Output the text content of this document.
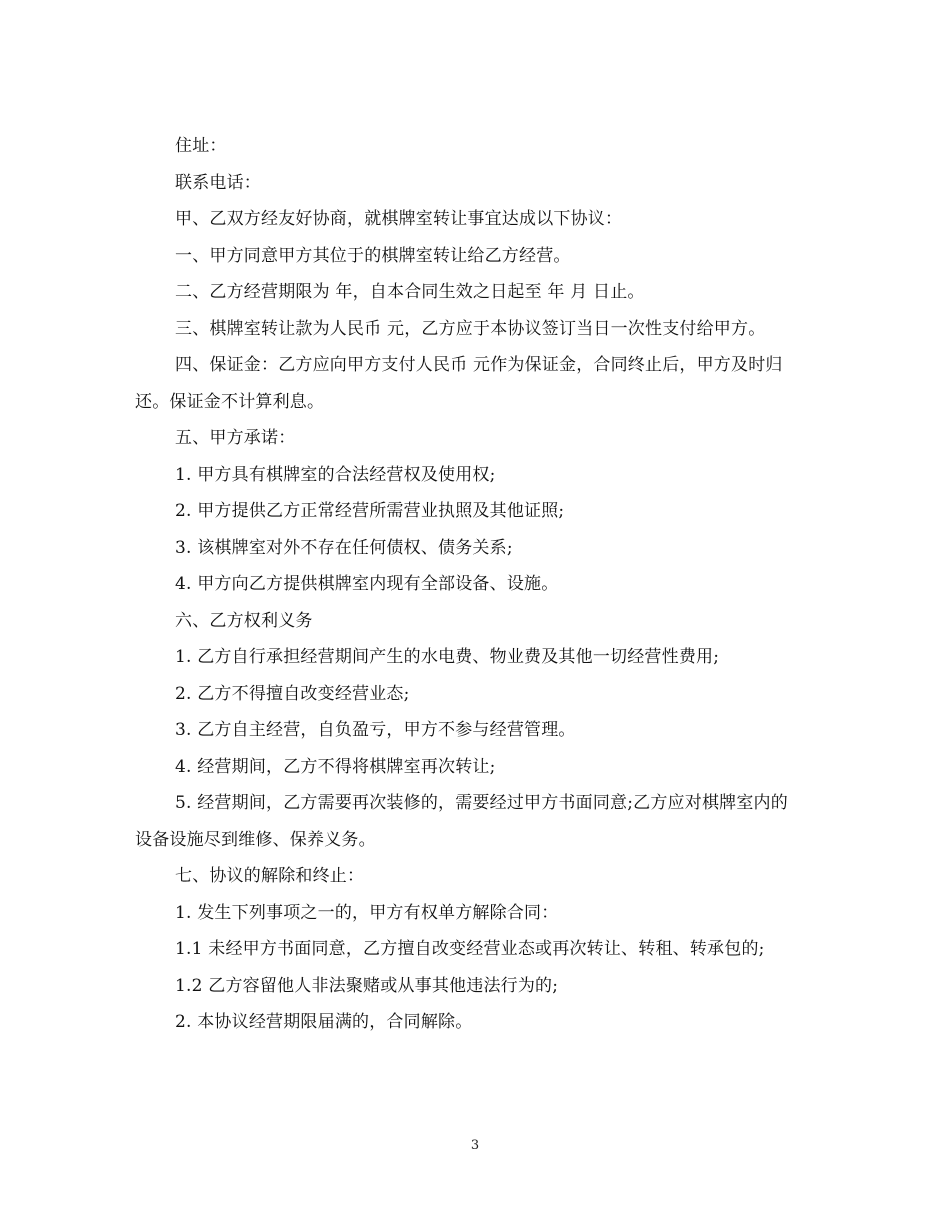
住址：

联系电话：

甲、乙双方经友好协商，就棋牌室转让事宜达成以下协议：

一、甲方同意甲方其位于的棋牌室转让给乙方经营。

二、乙方经营期限为 年，自本合同生效之日起至 年 月 日止。

三、棋牌室转让款为人民币 元，乙方应于本协议签订当日一次性支付给甲方。

四、保证金：乙方应向甲方支付人民币 元作为保证金，合同终止后，甲方及时归还。保证金不计算利息。

五、甲方承诺：

1. 甲方具有棋牌室的合法经营权及使用权;

2. 甲方提供乙方正常经营所需营业执照及其他证照;

3. 该棋牌室对外不存在任何债权、债务关系;

4. 甲方向乙方提供棋牌室内现有全部设备、设施。

六、乙方权利义务

1. 乙方自行承担经营期间产生的水电费、物业费及其他一切经营性费用;

2. 乙方不得擅自改变经营业态;

3. 乙方自主经营，自负盈亏，甲方不参与经营管理。

4. 经营期间，乙方不得将棋牌室再次转让;

5. 经营期间，乙方需要再次装修的，需要经过甲方书面同意;乙方应对棋牌室内的设备设施尽到维修、保养义务。

七、协议的解除和终止：

1. 发生下列事项之一的，甲方有权单方解除合同：

1.1 未经甲方书面同意，乙方擅自改变经营业态或再次转让、转租、转承包的;

1.2 乙方容留他人非法聚赌或从事其他违法行为的;

2. 本协议经营期限届满的，合同解除。

3
